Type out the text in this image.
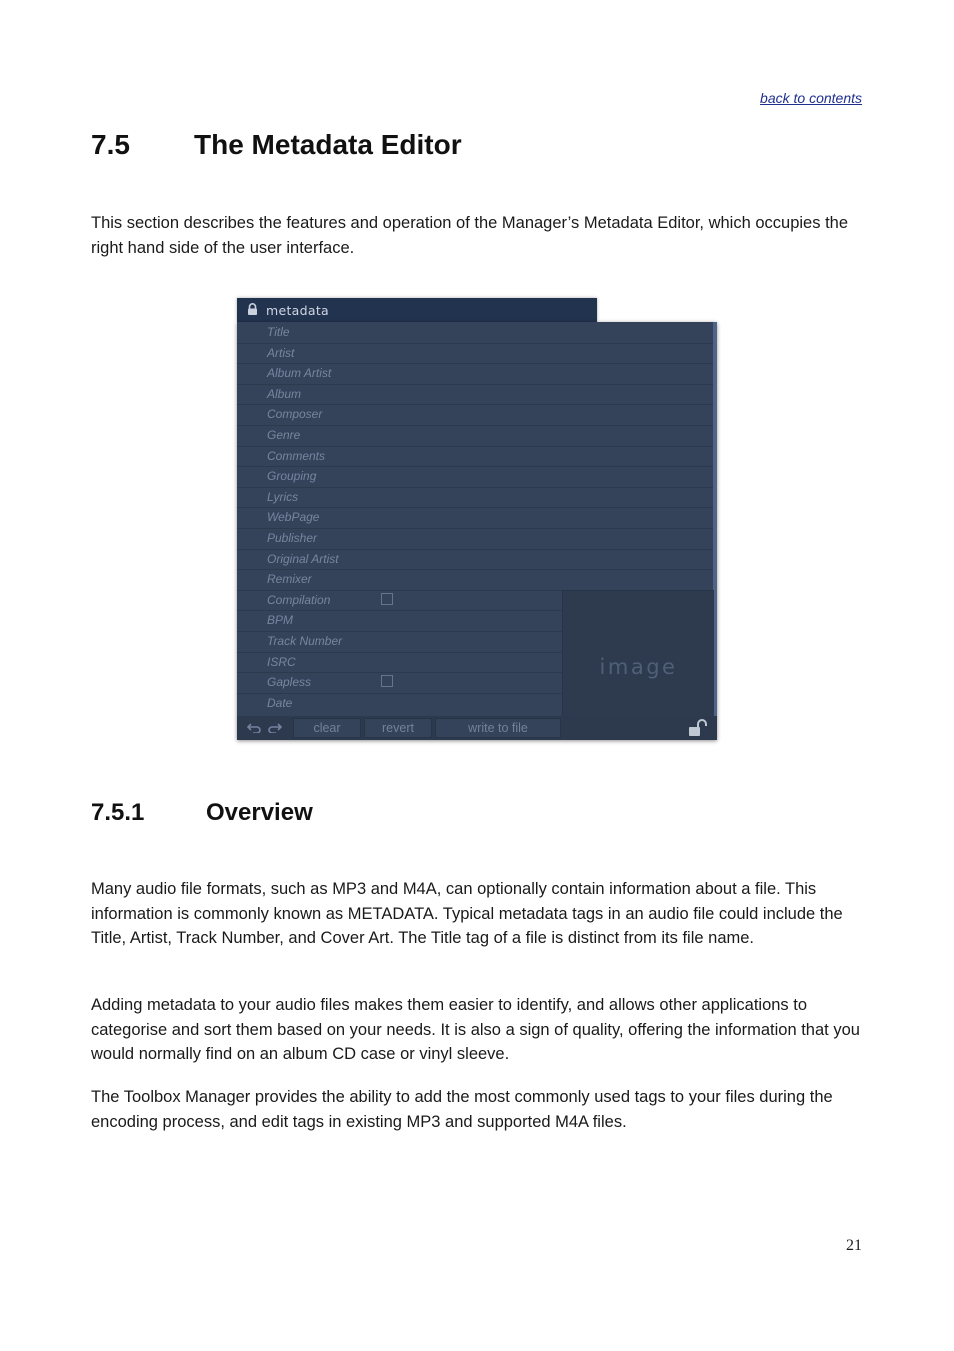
back to contents
7.5 The Metadata Editor

This section describes the features and operation of the Manager’s Metadata Editor, which occupies the right hand side of the user interface.

metadata
Title
Artist
Album Artist
Album
Composer
Genre
Comments
Grouping
Lyrics
WebPage
Publisher
Original Artist
Remixer
Compilation
BPM
Track Number
ISRC
Gapless
Date
image
clear	revert	write to file
7.5.1	Overview

Many audio file formats, such as MP3 and M4A, can optionally contain information about a file. This information is commonly known as METADATA. Typical metadata tags in an audio file could include the Title, Artist, Track Number, and Cover Art. The Title tag of a file is distinct from its file name.

Adding metadata to your audio files makes them easier to identify, and allows other applications to categorise and sort them based on your needs. It is also a sign of quality, offering the information that you would normally find on an album CD case or vinyl sleeve.

The Toolbox Manager provides the ability to add the most commonly used tags to your files during the encoding process, and edit tags in existing MP3 and supported M4A files.

21
